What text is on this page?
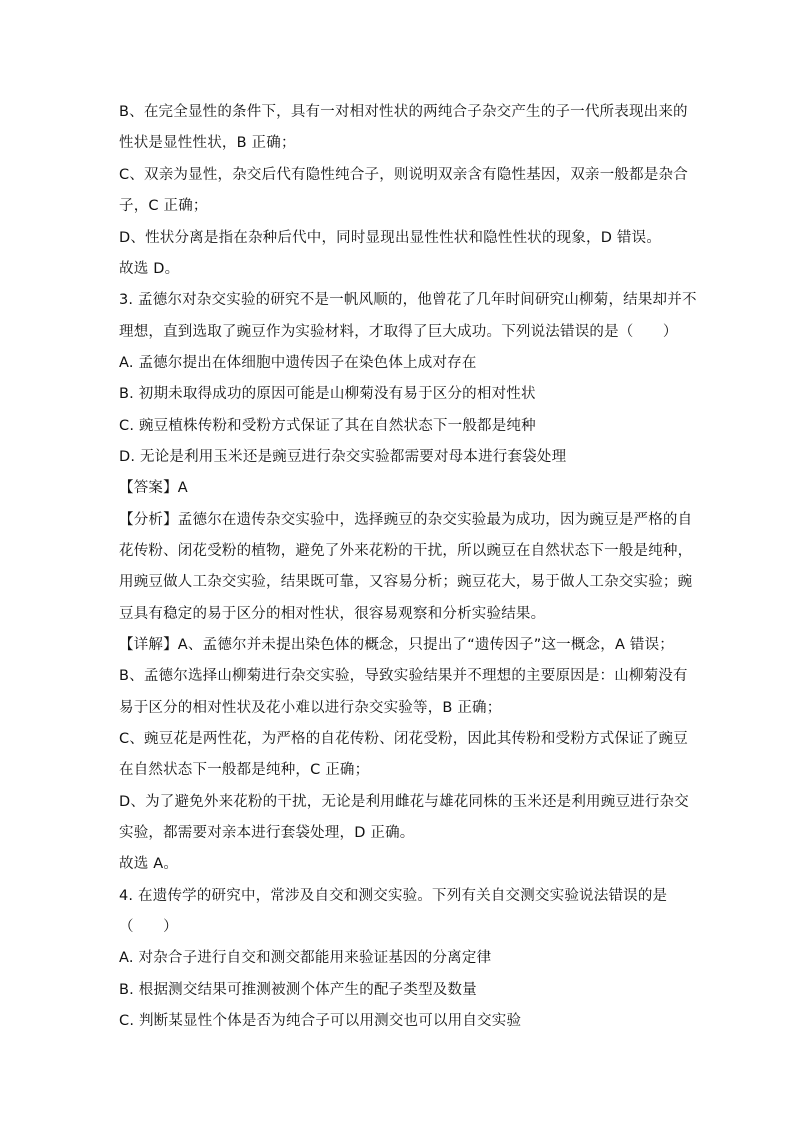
B、在完全显性的条件下，具有一对相对性状的两纯合子杂交产生的子一代所表现出来的
性状是显性性状，B 正确；
C、双亲为显性，杂交后代有隐性纯合子，则说明双亲含有隐性基因，双亲一般都是杂合
子，C 正确；
D、性状分离是指在杂种后代中，同时显现出显性性状和隐性性状的现象，D 错误。
故选 D。
3. 孟德尔对杂交实验的研究不是一帆风顺的，他曾花了几年时间研究山柳菊，结果却并不
理想，直到选取了豌豆作为实验材料，才取得了巨大成功。下列说法错误的是（　　）
A. 孟德尔提出在体细胞中遗传因子在染色体上成对存在
B. 初期未取得成功的原因可能是山柳菊没有易于区分的相对性状
C. 豌豆植株传粉和受粉方式保证了其在自然状态下一般都是纯种
D. 无论是利用玉米还是豌豆进行杂交实验都需要对母本进行套袋处理
【答案】A
【分析】孟德尔在遗传杂交实验中，选择豌豆的杂交实验最为成功，因为豌豆是严格的自
花传粉、闭花受粉的植物，避免了外来花粉的干扰，所以豌豆在自然状态下一般是纯种，
用豌豆做人工杂交实验，结果既可靠，又容易分析；豌豆花大，易于做人工杂交实验；豌
豆具有稳定的易于区分的相对性状，很容易观察和分析实验结果。
【详解】A、孟德尔并未提出染色体的概念，只提出了“遗传因子”这一概念，A 错误；
B、孟德尔选择山柳菊进行杂交实验，导致实验结果并不理想的主要原因是：山柳菊没有
易于区分的相对性状及花小难以进行杂交实验等，B 正确；
C、豌豆花是两性花，为严格的自花传粉、闭花受粉，因此其传粉和受粉方式保证了豌豆
在自然状态下一般都是纯种，C 正确；
D、为了避免外来花粉的干扰，无论是利用雌花与雄花同株的玉米还是利用豌豆进行杂交
实验，都需要对亲本进行套袋处理，D 正确。
故选 A。
4. 在遗传学的研究中，常涉及自交和测交实验。下列有关自交测交实验说法错误的是
（　　）
A. 对杂合子进行自交和测交都能用来验证基因的分离定律
B. 根据测交结果可推测被测个体产生的配子类型及数量
C. 判断某显性个体是否为纯合子可以用测交也可以用自交实验
